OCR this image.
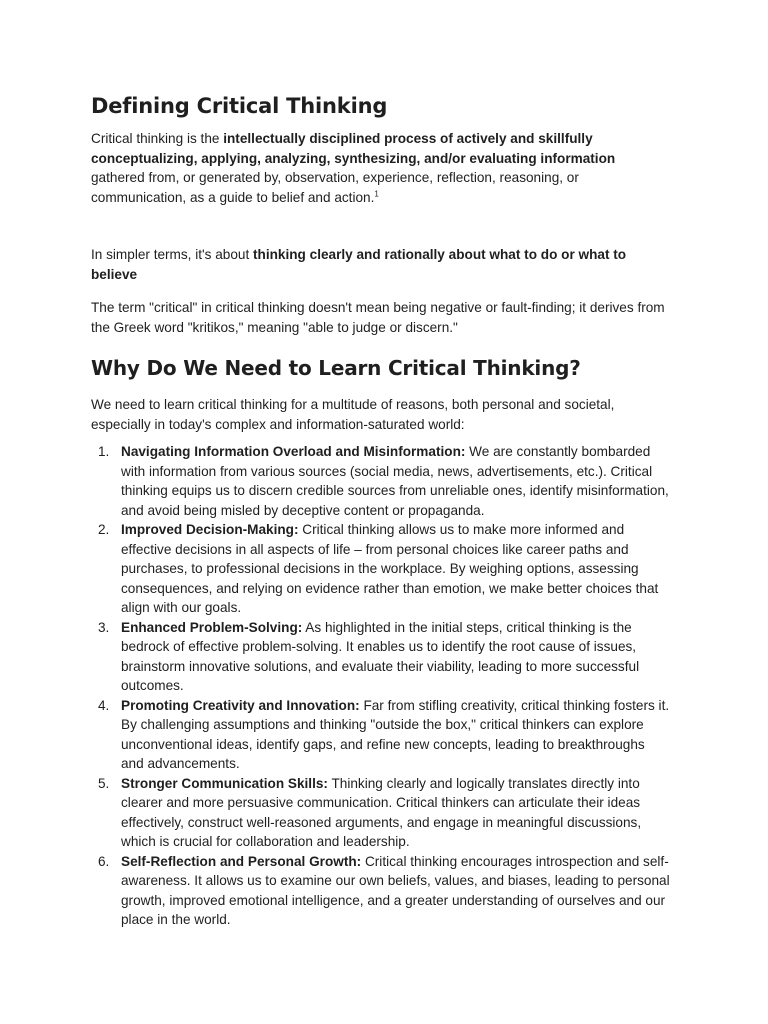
Defining Critical Thinking

Critical thinking is the intellectually disciplined process of actively and skillfully conceptualizing, applying, analyzing, synthesizing, and/or evaluating information gathered from, or generated by, observation, experience, reflection, reasoning, or communication, as a guide to belief and action.$^1$

In simpler terms, it's about thinking clearly and rationally about what to do or what to believe

The term "critical" in critical thinking doesn't mean being negative or fault-finding; it derives from the Greek word "kritikos," meaning "able to judge or discern."

Why Do We Need to Learn Critical Thinking?

We need to learn critical thinking for a multitude of reasons, both personal and societal, especially in today's complex and information-saturated world:

1. Navigating Information Overload and Misinformation: We are constantly bombarded with information from various sources (social media, news, advertisements, etc.). Critical thinking equips us to discern credible sources from unreliable ones, identify misinformation, and avoid being misled by deceptive content or propaganda.
2. Improved Decision-Making: Critical thinking allows us to make more informed and effective decisions in all aspects of life – from personal choices like career paths and purchases, to professional decisions in the workplace. By weighing options, assessing consequences, and relying on evidence rather than emotion, we make better choices that align with our goals.
3. Enhanced Problem-Solving: As highlighted in the initial steps, critical thinking is the bedrock of effective problem-solving. It enables us to identify the root cause of issues, brainstorm innovative solutions, and evaluate their viability, leading to more successful outcomes.
4. Promoting Creativity and Innovation: Far from stifling creativity, critical thinking fosters it. By challenging assumptions and thinking "outside the box," critical thinkers can explore unconventional ideas, identify gaps, and refine new concepts, leading to breakthroughs and advancements.
5. Stronger Communication Skills: Thinking clearly and logically translates directly into clearer and more persuasive communication. Critical thinkers can articulate their ideas effectively, construct well-reasoned arguments, and engage in meaningful discussions, which is crucial for collaboration and leadership.
6. Self-Reflection and Personal Growth: Critical thinking encourages introspection and self-awareness. It allows us to examine our own beliefs, values, and biases, leading to personal growth, improved emotional intelligence, and a greater understanding of ourselves and our place in the world.
